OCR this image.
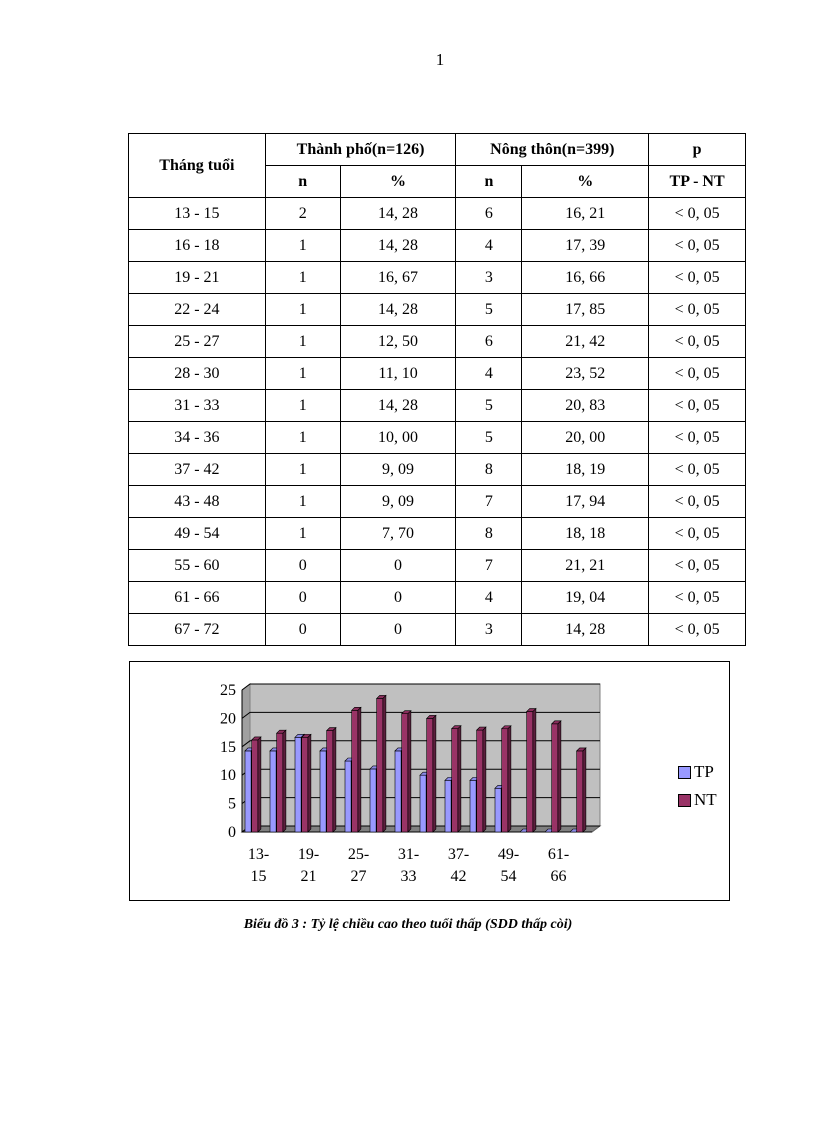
1
Tháng tuổi	Thành phố(n=126)		Nông thôn(n=399)		p
	n	%	n	%	TP - NT
13 - 15	2	14, 28	6	16, 21	< 0, 05
16 - 18	1	14, 28	4	17, 39	< 0, 05
19 - 21	1	16, 67	3	16, 66	< 0, 05
22 - 24	1	14, 28	5	17, 85	< 0, 05
25 - 27	1	12, 50	6	21, 42	< 0, 05
28 - 30	1	11, 10	4	23, 52	< 0, 05
31 - 33	1	14, 28	5	20, 83	< 0, 05
34 - 36	1	10, 00	5	20, 00	< 0, 05
37 - 42	1	9, 09	8	18, 19	< 0, 05
43 - 48	1	9, 09	7	17, 94	< 0, 05
49 - 54	1	7, 70	8	18, 18	< 0, 05
55 - 60	0	0	7	21, 21	< 0, 05
61 - 66	0	0	4	19, 04	< 0, 05
67 - 72	0	0	3	14, 28	< 0, 05
0
5
10
15
20
25
13-
15
19-
21
25-
27
31-
33
37-
42
49-
54
61-
66
TP
NT
Biểu đồ 3 : Tỷ lệ chiều cao theo tuổi thấp (SDD thấp còi)
